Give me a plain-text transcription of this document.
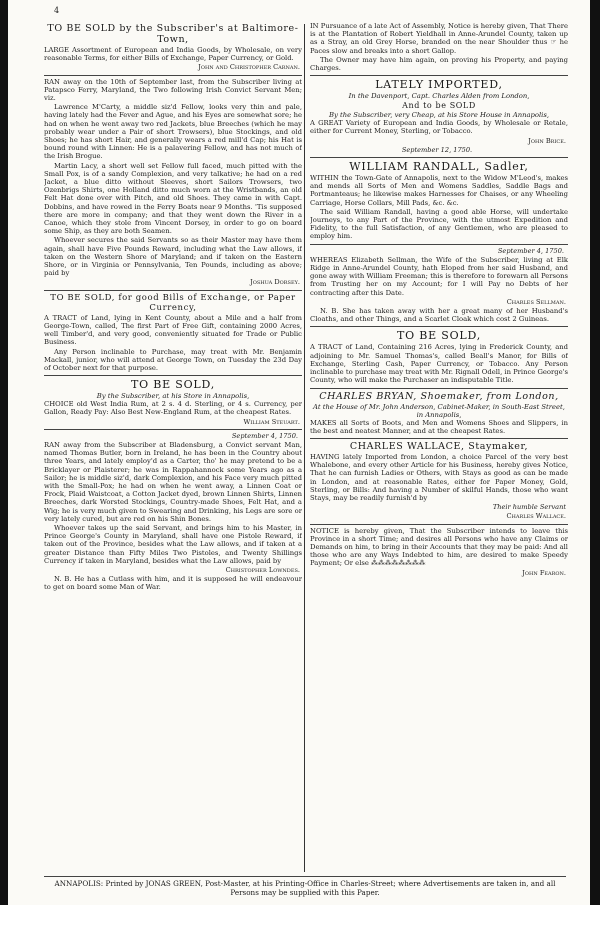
4
TO BE SOLD by the Subscriber's at Baltimore-Town,

LARGE Assortment of European and India Goods, by Wholesale, on very reasonable Terms, for either Bills of Exchange, Paper Currency, or Gold.

John and Christopher Carnan.

RAN away on the 10th of September last, from the Subscriber living at Patapsco Ferry, Maryland, the Two following Irish Convict Servant Men; viz.

Lawrence M'Carty, a middle siz'd Fellow, looks very thin and pale, having lately had the Fever and Ague, and his Eyes are somewhat sore; he had on when he went away two red Jackets, blue Breeches (which he may probably wear under a Pair of short Trowsers), blue Stockings, and old Shoes; he has short Hair, and generally wears a red mill'd Cap; his Hat is bound round with Linnen: He is a palavering Fellow, and has not much of the Irish Brogue.

Martin Lacy, a short well set Fellow full faced, much pitted with the Small Pox, is of a sandy Complexion, and very talkative; he had on a red Jacket, a blue ditto without Sleeves, short Sailors Trowsers, two Ozenbrigs Shirts, one Holland ditto much worn at the Wristbands, an old Felt Hat done over with Pitch, and old Shoes. They came in with Capt. Dobbins, and have rowed in the Ferry Boats near 9 Months. 'Tis supposed there are more in company; and that they went down the River in a Canoe, which they stole from Vincent Dorsey, in order to go on board some Ship, as they are both Seamen.

Whoever secures the said Servants so as their Master may have them again, shall have Five Pounds Reward, including what the Law allows, if taken on the Western Shore of Maryland; and if taken on the Eastern Shore, or in Virginia or Pennsylvania, Ten Pounds, including as above; paid by

Joshua Dorsey.
TO BE SOLD, for good Bills of Exchange, or Paper Currency,

A TRACT of Land, lying in Kent County, about a Mile and a half from George-Town, called, The first Part of Free Gift, containing 2000 Acres, well Timber'd, and very good, conveniently situated for Trade or Public Business.

Any Person inclinable to Purchase, may treat with Mr. Benjamin Mackall, junior, who will attend at George Town, on Tuesday the 23d Day of October next for that purpose.

TO BE SOLD,
By the Subscriber, at his Store in Annapolis,

CHOICE old West India Rum, at 2 s. 4 d. Sterling, or 4 s. Currency, per Gallon, Ready Pay: Also Best New-England Rum, at the cheapest Rates.

William Steuart.
September 4, 1750.

RAN away from the Subscriber at Bladensburg, a Convict servant Man, named Thomas Butler, born in Ireland, he has been in the Country about three Years, and lately employ'd as a Carter, tho' he may pretend to be a Bricklayer or Plaisterer; he was in Rappahannock some Years ago as a Sailor; he is middle siz'd, dark Complexion, and his Face very much pitted with the Small-Pox; he had on when he went away, a Linnen Coat or Frock, Plaid Waistcoat, a Cotton Jacket dyed, brown Linnen Shirts, Linnen Breeches, dark Worsted Stockings, Country-made Shoes, Felt Hat, and a Wig; he is very much given to Swearing and Drinking, his Legs are sore or very lately cured, but are red on his Shin Bones.

Whoever takes up the said Servant, and brings him to his Master, in Prince George's County in Maryland, shall have one Pistole Reward, if taken out of the Province, besides what the Law allows, and if taken at a greater Distance than Fifty Miles Two Pistoles, and Twenty Shillings Currency if taken in Maryland, besides what the Law allows, paid by

Christopher Lowndes.

N. B. He has a Cutlass with him, and it is supposed he will endeavour to get on board some Man of War.

IN Pursuance of a late Act of Assembly, Notice is hereby given, That There is at the Plantation of Robert Yieldhall in Anne-Arundel County, taken up as a Stray, an old Grey Horse, branded on the near Shoulder thus ☞ he Paces slow and breaks into a short Gallop.

The Owner may have him again, on proving his Property, and paying Charges.

LATELY IMPORTED,
In the Davenport, Capt. Charles Alden from London,
And to be SOLD
By the Subscriber, very Cheap, at his Store House in Annapolis,

A GREAT Variety of European and India Goods, by Wholesale or Retale, either for Current Money, Sterling, or Tobacco.

John Brice.
September 12, 1750.
WILLIAM RANDALL, Sadler,

WITHIN the Town-Gate of Annapolis, next to the Widow M'Leod's, makes and mends all Sorts of Men and Womens Saddles, Saddle Bags and Portmanteaus; he likewise makes Harnesses for Chaises, or any Wheeling Carriage, Horse Collars, Mill Pads, &c. &c.

The said William Randall, having a good able Horse, will undertake Journeys, to any Part of the Province, with the utmost Expedition and Fidelity, to the full Satisfaction, of any Gentlemen, who are pleased to employ him.

September 4, 1750.

WHEREAS Elizabeth Sellman, the Wife of the Subscriber, living at Elk Ridge in Anne-Arundel County, hath Eloped from her said Husband, and gone away with William Freeman; this is therefore to forewarn all Persons from Trusting her on my Account; for I will Pay no Debts of her contracting after this Date.

Charles Sellman.

N. B. She has taken away with her a great many of her Husband's Cloaths, and other Things, and a Scarlet Cloak which cost 2 Guineas.

TO BE SOLD,

A TRACT of Land, Containing 216 Acres, lying in Frederick County, and adjoining to Mr. Samuel Thomas's, called Beall's Manor, for Bills of Exchange, Sterling Cash, Paper Currency, or Tobacco. Any Person inclinable to purchase may treat with Mr. Rignall Odell, in Prince George's County, who will make the Purchaser an indisputable Title.

CHARLES BRYAN, Shoemaker, from London,
At the House of Mr. John Anderson, Cabinet-Maker, in South-East Street, in Annapolis,

MAKES all Sorts of Boots, and Men and Womens Shoes and Slippers, in the best and neatest Manner, and at the cheapest Rates.

CHARLES WALLACE, Staymaker,

HAVING lately Imported from London, a choice Parcel of the very best Whalebone, and every other Article for his Business, hereby gives Notice, That he can furnish Ladies or Others, with Stays as good as can be made in London, and at reasonable Rates, either for Paper Money, Gold, Sterling, or Bills: And having a Number of skilful Hands, those who want Stays, may be readily furnish'd by

Their humble Servant
Charles Wallace.

NOTICE is hereby given, That the Subscriber intends to leave this Province in a short Time; and desires all Persons who have any Claims or Demands on him, to bring in their Accounts that they may be paid: And all those who are any Ways Indebted to him, are desired to make Speedy Payment; Or else ⁂⁂⁂⁂⁂⁂⁂⁂

John Fearon.
ANNAPOLIS: Printed by JONAS GREEN, Post-Master, at his Printing-Office in Charles-Street; where Advertisements are taken in, and all Persons may be supplied with this Paper.
